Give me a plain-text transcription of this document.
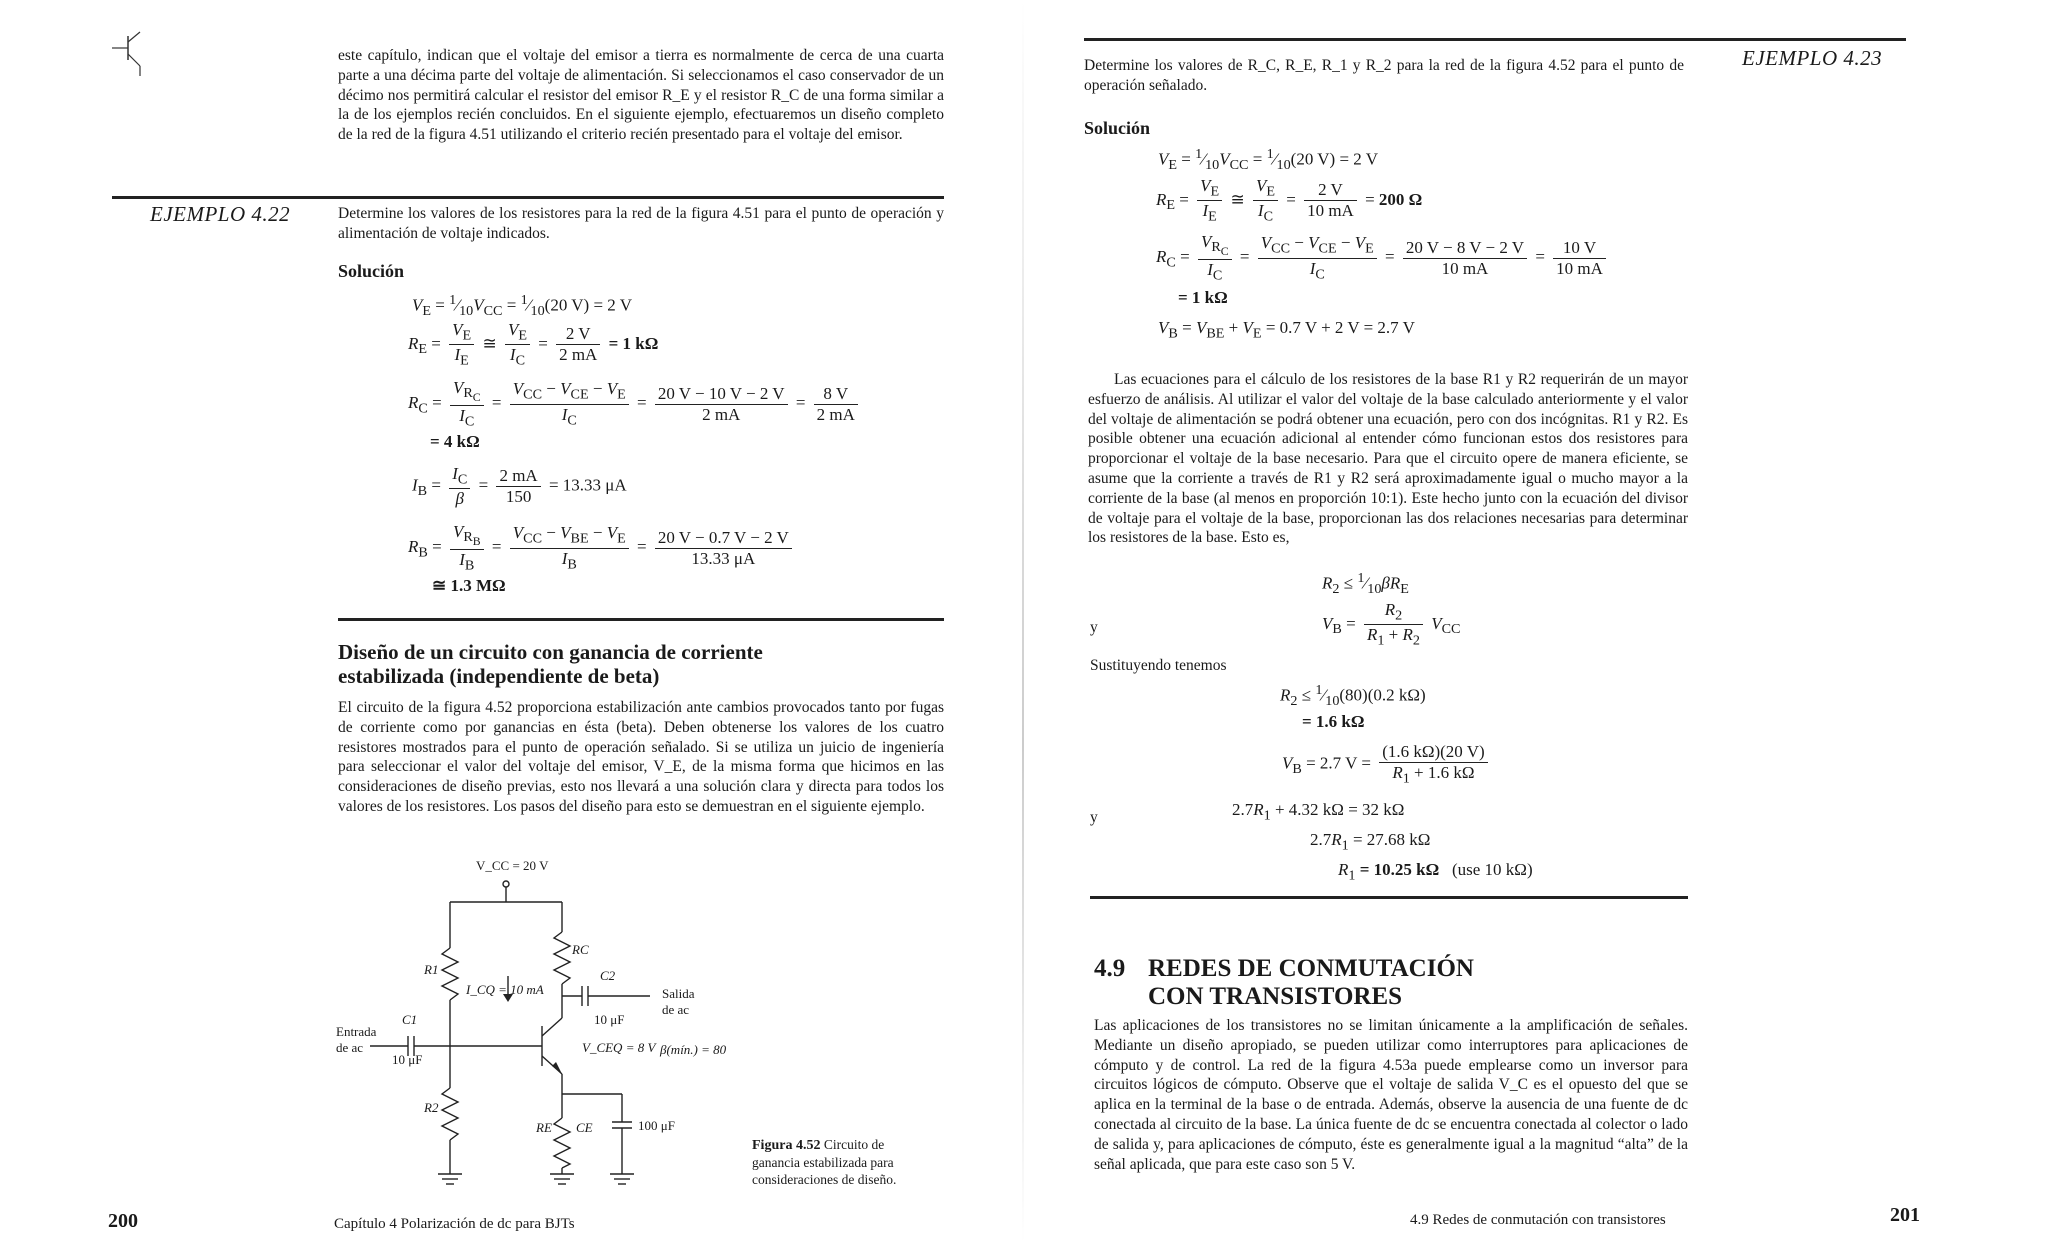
este capítulo, indican que el voltaje del emisor a tierra es normalmente de cerca de una cuarta parte a una décima parte del voltaje de alimentación. Si seleccionamos el caso conservador de un décimo nos permitirá calcular el resistor del emisor R_E y el resistor R_C de una forma similar a la de los ejemplos recién concluidos. En el siguiente ejemplo, efectuaremos un diseño completo de la red de la figura 4.51 utilizando el criterio recién presentado para el voltaje del emisor.
EJEMPLO 4.22	Determine los valores de los resistores para la red de la figura 4.51 para el punto de operación y alimentación de voltaje indicados.
Solución
$V_E$ = $^1⁄_{10}V_{CC}$ = $^1⁄_{10}(20$ V) = 2 V
$R_E = \frac{V_E}{I_E}$ ≅ $\frac{V_E}{I_C} = \frac{2 V}{2 mA} = 1$ kΩ
$R_C = \frac{V_{R_C}}{I_C} = \frac{V_{CC} - V_{CE} - V_E}{I_C} = \frac{20 V - 10 V - 2 V}{2 mA} = \frac{8 V}{2 mA}$
= 4 kΩ
$I_B = \frac{I_C}{\beta} = \frac{2 mA}{150} = 13.33$ μA
$R_B = \frac{V_{R_B}}{I_B} = \frac{V_{CC} - V_{BE} - V_E}{I_B} = \frac{20 V - 0.7 V - 2 V}{13.33 \mu A}$
≅ 1.3 MΩ
Diseño de un circuito con ganancia de corriente estabilizada (independiente de beta)
El circuito de la figura 4.52 proporciona estabilización ante cambios provocados tanto por fugas de corriente como por ganancias en ésta (beta). Deben obtenerse los valores de los cuatro resistores mostrados para el punto de operación señalado. Si se utiliza un juicio de ingeniería para seleccionar el valor del voltaje del emisor, V_E, de la misma forma que hicimos en las consideraciones de diseño previas, esto nos llevará a una solución clara y directa para todos los valores de los resistores. Los pasos del diseño para esto se demuestran en el siguiente ejemplo.
V_CC = 20 V
R1
R2
RC
RE
C1
C2
CE
I_CQ = 10 mA
10 μF
10 μF
100 μF
V_CEQ = 8 V β(mín.) = 80
Entrada
de ac
Salida
de ac
Figura 4.52 Circuito de ganancia estabilizada para consideraciones de diseño.
200	Capítulo 4 Polarización de dc para BJTs
EJEMPLO 4.23
Determine los valores de R_C, R_E, R_1 y R_2 para la red de la figura 4.52 para el punto de operación señalado.
Solución
$V_E$ = $^1⁄_{10}V_{CC}$ = $^1⁄_{10}(20$ V) = 2 V
$R_E = \frac{V_E}{I_E}$ ≅ $\frac{V_E}{I_C} = \frac{2 V}{10 mA} = 200$ Ω
$R_C = \frac{V_{R_C}}{I_C} = \frac{V_{CC} - V_{CE} - V_E}{I_C} = \frac{20 V - 8 V - 2 V}{10 mA} = \frac{10 V}{10 mA}$
= 1 kΩ
$V_B = V_{BE} + V_E = 0.7$ V + 2 V = 2.7 V
Las ecuaciones para el cálculo de los resistores de la base R1 y R2 requerirán de un mayor esfuerzo de análisis. Al utilizar el valor del voltaje de la base calculado anteriormente y el valor del voltaje de alimentación se podrá obtener una ecuación, pero con dos incógnitas. R1 y R2. Es posible obtener una ecuación adicional al entender cómo funcionan estos dos resistores para proporcionar el voltaje de la base necesario. Para que el circuito opere de manera eficiente, se asume que la corriente a través de R1 y R2 será aproximadamente igual o mucho mayor a la corriente de la base (al menos en proporción 10:1). Este hecho junto con la ecuación del divisor de voltaje para el voltaje de la base, proporcionan las dos relaciones necesarias para determinar los resistores de la base. Esto es,
$R_2$ ≤ $^1⁄_{10}\beta R_E$
y	$V_B = \frac{R_2}{R_1 + R_2} V_{CC}$
Sustituyendo tenemos
$R_2$ ≤ $^1⁄_{10}(80)(0.2$ kΩ)
= 1.6 kΩ
$V_B = 2.7$ $V = \frac{(1.6 k\Omega)(20 V)}{R_1 + 1.6 k\Omega}$
y	$2.7R_1 + 4.32$ kΩ = 32 kΩ
$2.7R_1 = 27.68$ kΩ
$R_1 = 10.25$ kΩ (use 10 kΩ)
4.9 REDES DE CONMUTACIÓN
CON TRANSISTORES
Las aplicaciones de los transistores no se limitan únicamente a la amplificación de señales. Mediante un diseño apropiado, se pueden utilizar como interruptores para aplicaciones de cómputo y de control. La red de la figura 4.53a puede emplearse como un inversor para circuitos lógicos de cómputo. Observe que el voltaje de salida V_C es el opuesto del que se aplica en la terminal de la base o de entrada. Además, observe la ausencia de una fuente de dc conectada al circuito de la base. La única fuente de dc se encuentra conectada al colector o lado de salida y, para aplicaciones de cómputo, éste es generalmente igual a la magnitud “alta” de la señal aplicada, que para este caso son 5 V.
4.9 Redes de conmutación con transistores	201
